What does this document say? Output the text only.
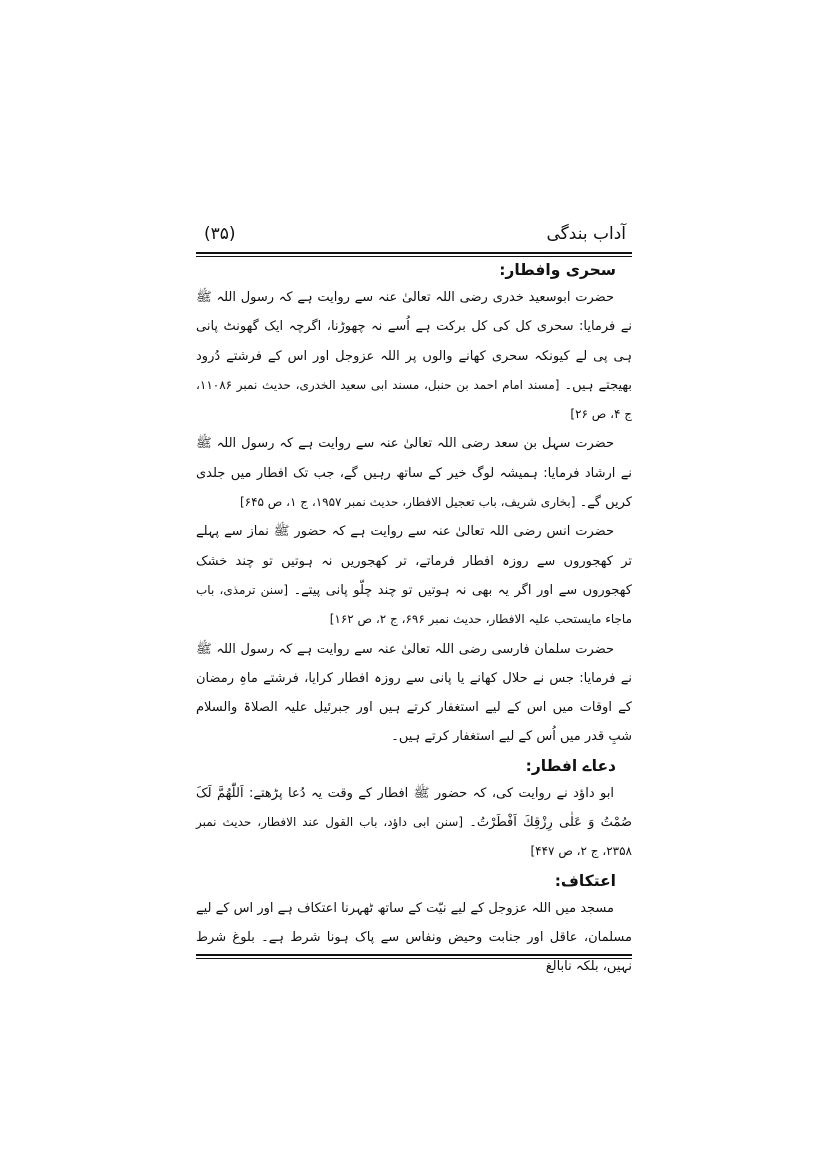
آداب بندگی
(۳۵)
سحری وافطار:

حضرت ابوسعید خدری رضی اللہ تعالیٰ عنہ سے روایت ہے کہ رسول اللہ ﷺ نے فرمایا: سحری کل کی کل برکت ہے اُسے نہ چھوڑنا، اگرچہ ایک گھونٹ پانی ہی پی لے کیونکہ سحری کھانے والوں پر اللہ عزوجل اور اس کے فرشتے دُرود بھیجتے ہیں۔ [مسند امام احمد بن حنبل، مسند ابی سعید الخدری، حدیث نمبر ۱۱۰۸۶، ج ۴، ص ۲۶]

حضرت سہل بن سعد رضی اللہ تعالیٰ عنہ سے روایت ہے کہ رسول اللہ ﷺ نے ارشاد فرمایا: ہمیشہ لوگ خیر کے ساتھ رہیں گے، جب تک افطار میں جلدی کریں گے۔ [بخاری شریف، باب تعجیل الافطار، حدیث نمبر ۱۹۵۷، ج ۱، ص ۶۴۵]

حضرت انس رضی اللہ تعالیٰ عنہ سے روایت ہے کہ حضور ﷺ نماز سے پہلے تر کھجوروں سے روزہ افطار فرماتے، تر کھجوریں نہ ہوتیں تو چند خشک کھجوروں سے اور اگر یہ بھی نہ ہوتیں تو چند چلّو پانی پیتے۔ [سنن ترمذی، باب ماجاء مایستحب علیہ الافطار، حدیث نمبر ۶۹۶، ج ۲، ص ۱۶۲]

حضرت سلمان فارسی رضی اللہ تعالیٰ عنہ سے روایت ہے کہ رسول اللہ ﷺ نے فرمایا: جس نے حلال کھانے یا پانی سے روزہ افطار کرایا، فرشتے ماہِ رمضان کے اوقات میں اس کے لیے استغفار کرتے ہیں اور جبرئیل علیہ الصلاۃ والسلام شبِ قدر میں اُس کے لیے استغفار کرتے ہیں۔

دعاے افطار:

ابو داؤد نے روایت کی، کہ حضور ﷺ افطار کے وقت یہ دُعا پڑھتے: اَللّٰھُمَّ لَکَ صُمْتُ وَ عَلٰی رِزْقِكَ اَفْطَرْتُ۔ [سنن ابی داؤد، باب القول عند الافطار، حدیث نمبر ۲۳۵۸، ج ۲، ص ۴۴۷]

اعتکاف:

مسجد میں اللہ عزوجل کے لیے نیّت کے ساتھ ٹھہرنا اعتکاف ہے اور اس کے لیے مسلمان، عاقل اور جنابت وحیض ونفاس سے پاک ہونا شرط ہے۔ بلوغ شرط نہیں، بلکہ نابالغ
